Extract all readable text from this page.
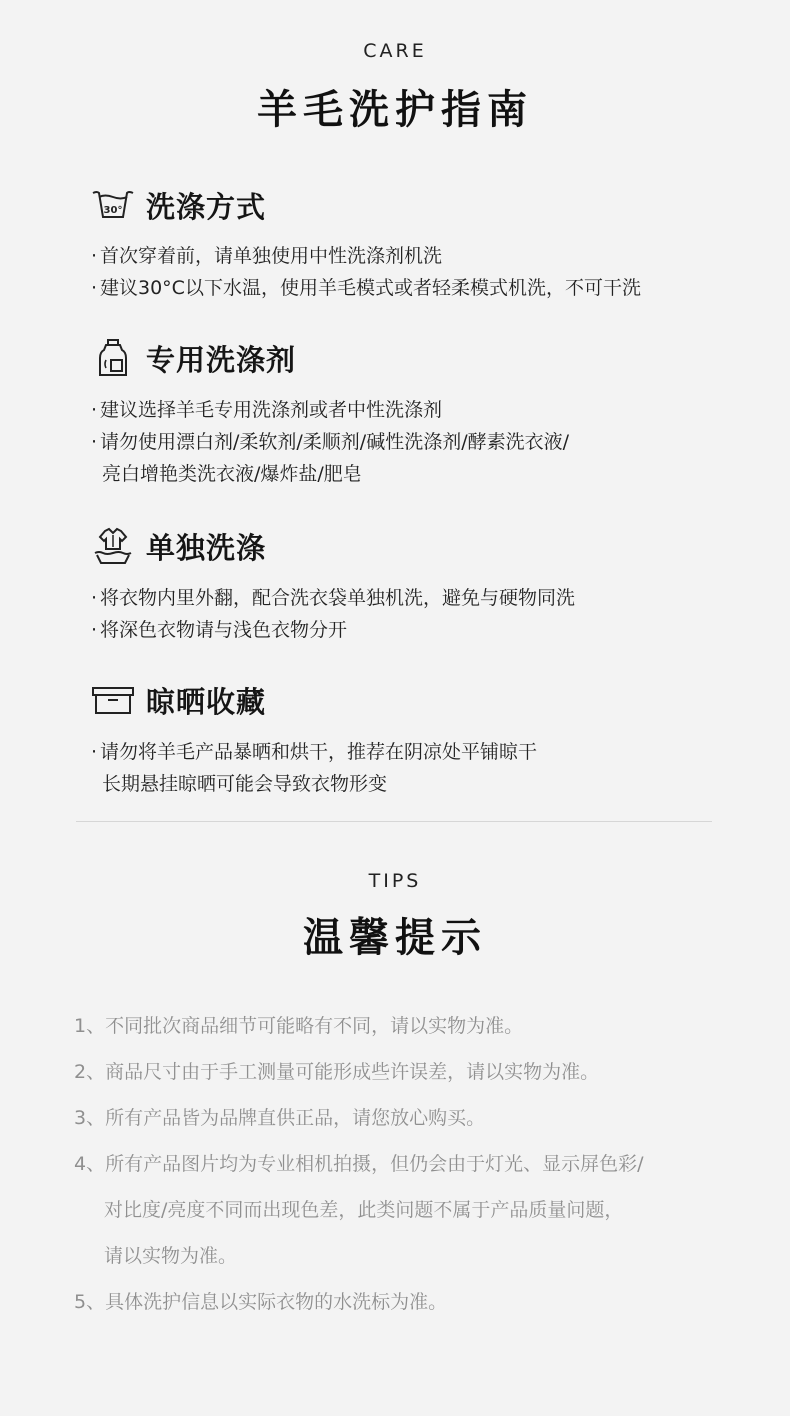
CARE
羊毛洗护指南
30° 洗涤方式
· 首次穿着前，请单独使用中性洗涤剂机洗
· 建议30°C以下水温，使用羊毛模式或者轻柔模式机洗，不可干洗
专用洗涤剂
· 建议选择羊毛专用洗涤剂或者中性洗涤剂
· 请勿使用漂白剂/柔软剂/柔顺剂/碱性洗涤剂/酵素洗衣液/
亮白增艳类洗衣液/爆炸盐/肥皂
单独洗涤
· 将衣物内里外翻，配合洗衣袋单独机洗，避免与硬物同洗
· 将深色衣物请与浅色衣物分开
晾晒收藏
· 请勿将羊毛产品暴晒和烘干，推荐在阴凉处平铺晾干
长期悬挂晾晒可能会导致衣物形变
TIPS
温馨提示
1、不同批次商品细节可能略有不同，请以实物为准。
2、商品尺寸由于手工测量可能形成些许误差，请以实物为准。
3、所有产品皆为品牌直供正品，请您放心购买。
4、所有产品图片均为专业相机拍摄，但仍会由于灯光、显示屏色彩/
对比度/亮度不同而出现色差，此类问题不属于产品质量问题，
请以实物为准。
5、具体洗护信息以实际衣物的水洗标为准。
